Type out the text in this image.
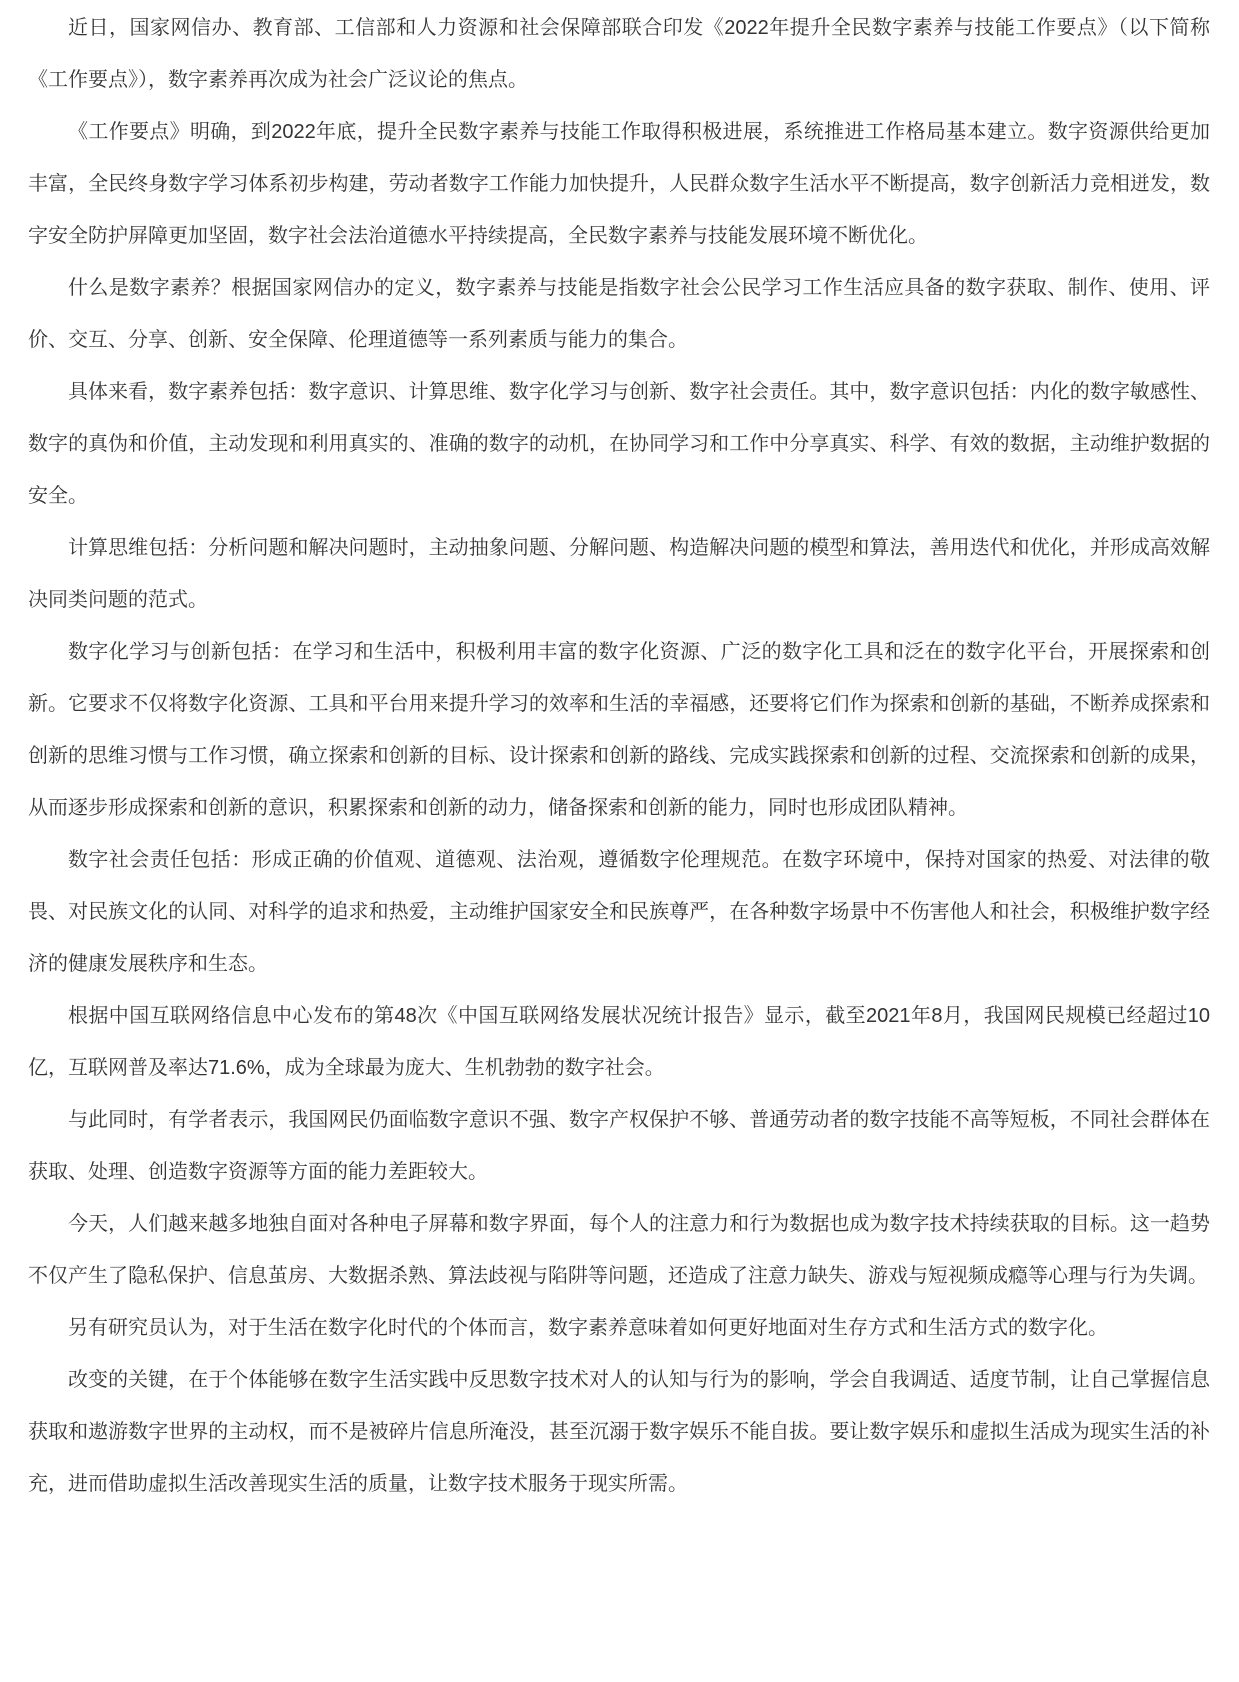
近日，国家网信办、教育部、工信部和人力资源和社会保障部联合印发《2022年提升全民数字素养与技能工作要点》（以下简称《工作要点》），数字素养再次成为社会广泛议论的焦点。

《工作要点》明确，到2022年底，提升全民数字素养与技能工作取得积极进展，系统推进工作格局基本建立。数字资源供给更加丰富，全民终身数字学习体系初步构建，劳动者数字工作能力加快提升，人民群众数字生活水平不断提高，数字创新活力竞相迸发，数字安全防护屏障更加坚固，数字社会法治道德水平持续提高，全民数字素养与技能发展环境不断优化。

什么是数字素养？根据国家网信办的定义，数字素养与技能是指数字社会公民学习工作生活应具备的数字获取、制作、使用、评价、交互、分享、创新、安全保障、伦理道德等一系列素质与能力的集合。

具体来看，数字素养包括：数字意识、计算思维、数字化学习与创新、数字社会责任。其中，数字意识包括：内化的数字敏感性、数字的真伪和价值，主动发现和利用真实的、准确的数字的动机，在协同学习和工作中分享真实、科学、有效的数据，主动维护数据的安全。

计算思维包括：分析问题和解决问题时，主动抽象问题、分解问题、构造解决问题的模型和算法，善用迭代和优化，并形成高效解决同类问题的范式。

数字化学习与创新包括：在学习和生活中，积极利用丰富的数字化资源、广泛的数字化工具和泛在的数字化平台，开展探索和创新。它要求不仅将数字化资源、工具和平台用来提升学习的效率和生活的幸福感，还要将它们作为探索和创新的基础，不断养成探索和创新的思维习惯与工作习惯，确立探索和创新的目标、设计探索和创新的路线、完成实践探索和创新的过程、交流探索和创新的成果，从而逐步形成探索和创新的意识，积累探索和创新的动力，储备探索和创新的能力，同时也形成团队精神。

数字社会责任包括：形成正确的价值观、道德观、法治观，遵循数字伦理规范。在数字环境中，保持对国家的热爱、对法律的敬畏、对民族文化的认同、对科学的追求和热爱，主动维护国家安全和民族尊严，在各种数字场景中不伤害他人和社会，积极维护数字经济的健康发展秩序和生态。

根据中国互联网络信息中心发布的第48次《中国互联网络发展状况统计报告》显示，截至2021年8月，我国网民规模已经超过10亿，互联网普及率达71.6%，成为全球最为庞大、生机勃勃的数字社会。

与此同时，有学者表示，我国网民仍面临数字意识不强、数字产权保护不够、普通劳动者的数字技能不高等短板，不同社会群体在获取、处理、创造数字资源等方面的能力差距较大。

今天，人们越来越多地独自面对各种电子屏幕和数字界面，每个人的注意力和行为数据也成为数字技术持续获取的目标。这一趋势不仅产生了隐私保护、信息茧房、大数据杀熟、算法歧视与陷阱等问题，还造成了注意力缺失、游戏与短视频成瘾等心理与行为失调。

另有研究员认为，对于生活在数字化时代的个体而言，数字素养意味着如何更好地面对生存方式和生活方式的数字化。

改变的关键，在于个体能够在数字生活实践中反思数字技术对人的认知与行为的影响，学会自我调适、适度节制，让自己掌握信息获取和遨游数字世界的主动权，而不是被碎片信息所淹没，甚至沉溺于数字娱乐不能自拔。要让数字娱乐和虚拟生活成为现实生活的补充，进而借助虚拟生活改善现实生活的质量，让数字技术服务于现实所需。
